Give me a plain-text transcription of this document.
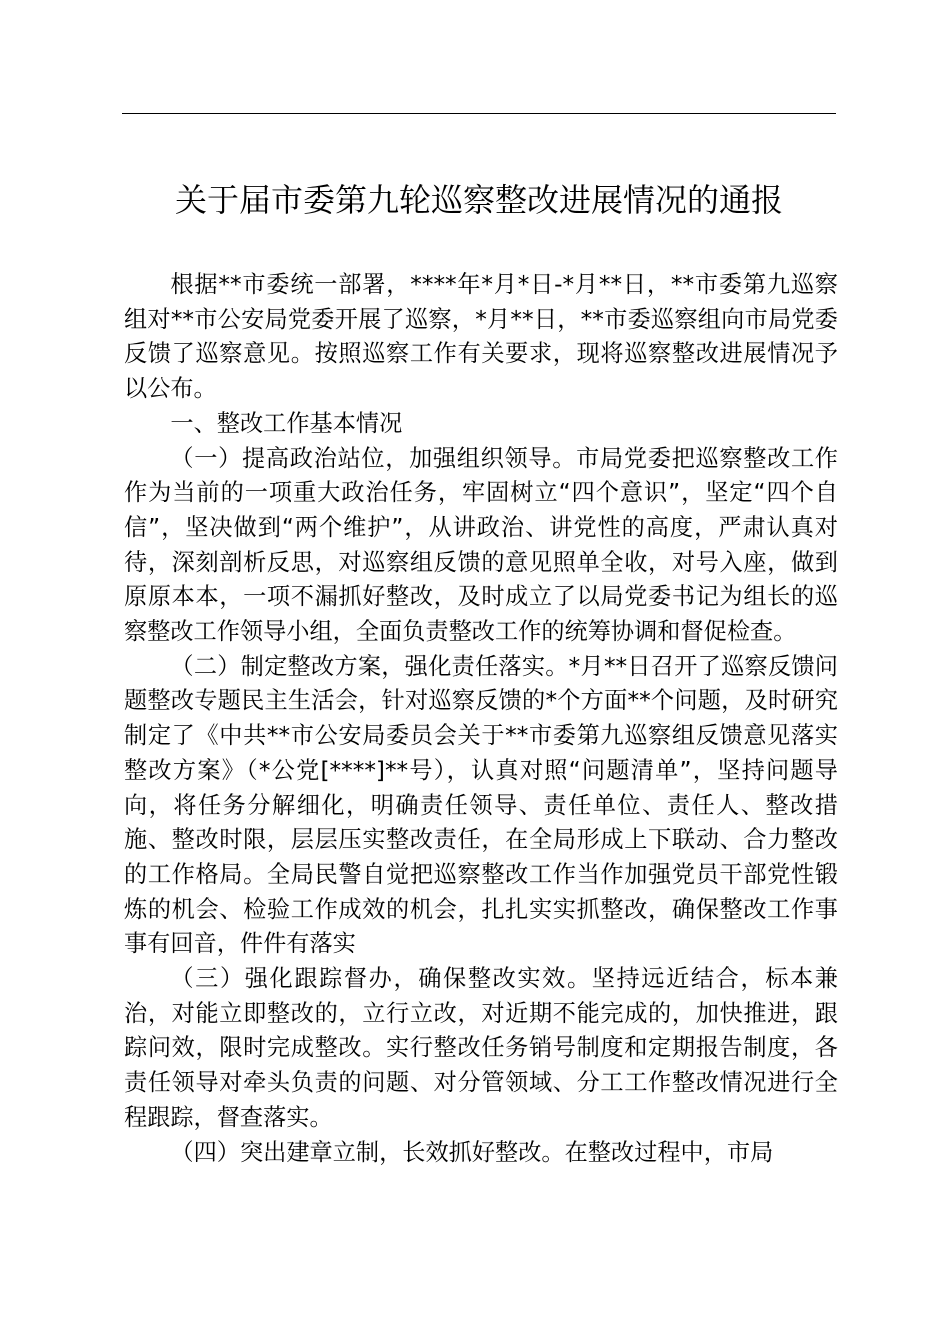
关于届市委第九轮巡察整改进展情况的通报

根据**市委统一部署，****年*月*日-*月**日，**市委第九巡察组对**市公安局党委开展了巡察，*月**日，**市委巡察组向市局党委反馈了巡察意见。按照巡察工作有关要求，现将巡察整改进展情况予以公布。

一、整改工作基本情况

（一）提高政治站位，加强组织领导。市局党委把巡察整改工作作为当前的一项重大政治任务，牢固树立“四个意识”，坚定“四个自信”，坚决做到“两个维护”，从讲政治、讲党性的高度，严肃认真对待，深刻剖析反思，对巡察组反馈的意见照单全收，对号入座，做到原原本本，一项不漏抓好整改，及时成立了以局党委书记为组长的巡察整改工作领导小组，全面负责整改工作的统筹协调和督促检查。

（二）制定整改方案，强化责任落实。*月**日召开了巡察反馈问题整改专题民主生活会，针对巡察反馈的*个方面**个问题，及时研究制定了《中共**市公安局委员会关于**市委第九巡察组反馈意见落实整改方案》（*公党[****]**号），认真对照“问题清单”，坚持问题导向，将任务分解细化，明确责任领导、责任单位、责任人、整改措施、整改时限，层层压实整改责任，在全局形成上下联动、合力整改的工作格局。全局民警自觉把巡察整改工作当作加强党员干部党性锻炼的机会、检验工作成效的机会，扎扎实实抓整改，确保整改工作事事有回音，件件有落实

（三）强化跟踪督办，确保整改实效。坚持远近结合，标本兼治，对能立即整改的，立行立改，对近期不能完成的，加快推进，跟踪问效，限时完成整改。实行整改任务销号制度和定期报告制度，各责任领导对牵头负责的问题、对分管领域、分工工作整改情况进行全程跟踪，督查落实。

（四）突出建章立制，长效抓好整改。在整改过程中，市局
